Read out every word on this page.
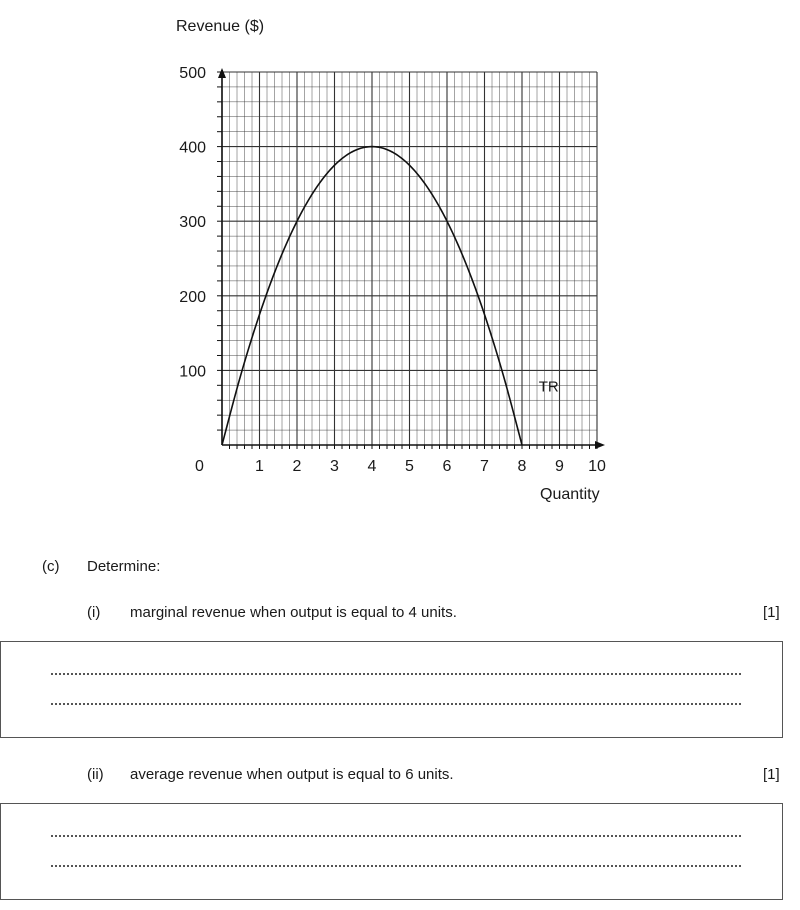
100
200
300
400
500
1 2 3 4 5 6 7 8 9 10
TR
Revenue ($)
Quantity
0
(c) Determine:
(i) marginal revenue when output is equal to 4 units.	[1]
(ii) average revenue when output is equal to 6 units.	[1]
